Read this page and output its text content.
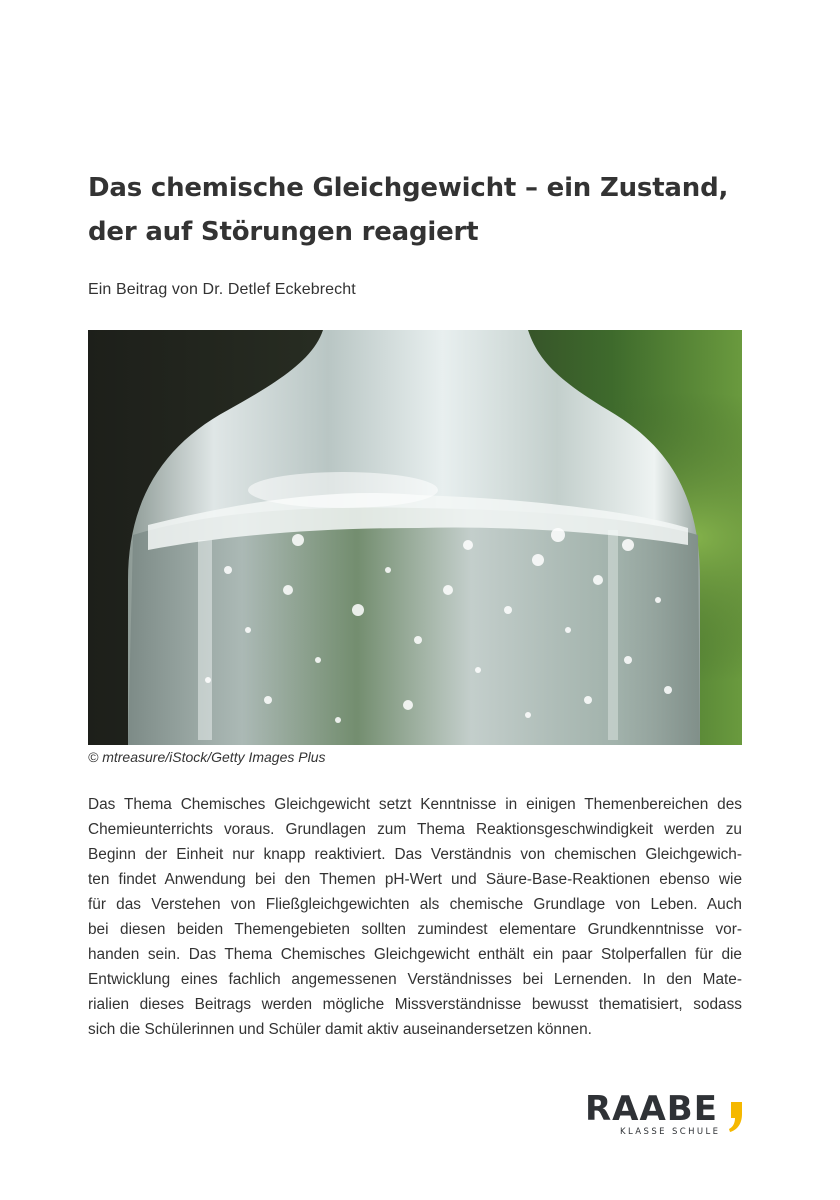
Das chemische Gleichgewicht – ein Zustand,
der auf Störungen reagiert
Ein Beitrag von Dr. Detlef Eckebrecht
© mtreasure/iStock/Getty Images Plus
Das Thema Chemisches Gleichgewicht setzt Kenntnisse in einigen Themenbereichen des
Chemieunterrichts voraus. Grundlagen zum Thema Reaktionsgeschwindigkeit werden zu
Beginn der Einheit nur knapp reaktiviert. Das Verständnis von chemischen Gleichgewich-
ten findet Anwendung bei den Themen pH-Wert und Säure-Base-Reaktionen ebenso wie
für das Verstehen von Fließgleichgewichten als chemische Grundlage von Leben. Auch
bei diesen beiden Themengebieten sollten zumindest elementare Grundkenntnisse vor-
handen sein. Das Thema Chemisches Gleichgewicht enthält ein paar Stolperfallen für die
Entwicklung eines fachlich angemessenen Verständnisses bei Lernenden. In den Mate-
rialien dieses Beitrags werden mögliche Missverständnisse bewusst thematisiert, sodass
sich die Schülerinnen und Schüler damit aktiv auseinandersetzen können.
RAABE
KLASSE SCHULE
